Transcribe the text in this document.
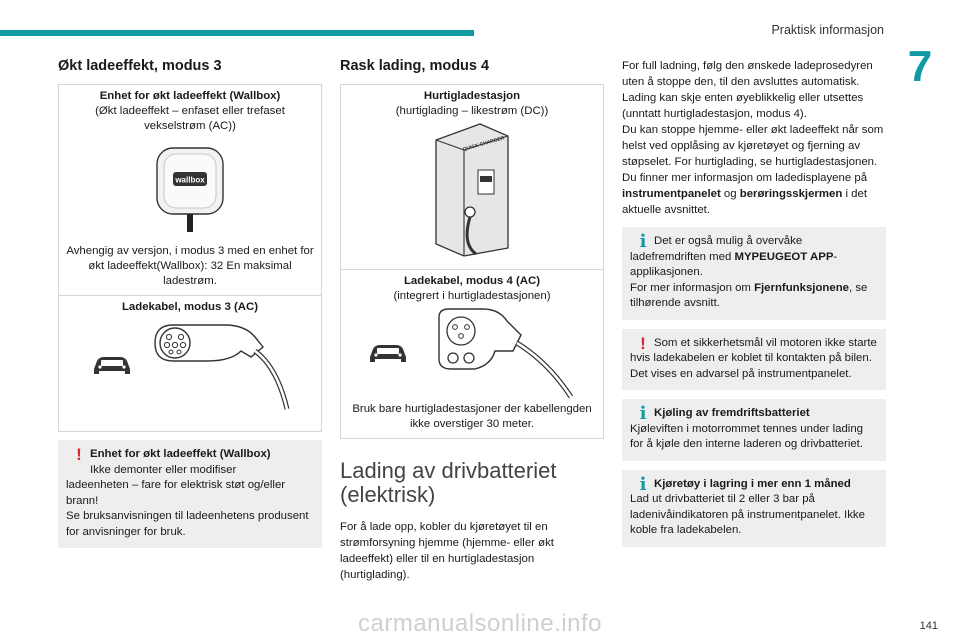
Praktisk informasjon
7
Økt ladeeffekt, modus 3
Enhet for økt ladeeffekt (Wallbox)
(Økt ladeeffekt – enfaset eller trefaset vekselstrøm (AC))
wallbox
Avhengig av versjon, i modus 3 med en enhet for økt ladeeffekt(Wallbox): 32 En maksimal ladestrøm.
Ladekabel, modus 3 (AC)
! Enhet for økt ladeeffekt (Wallbox)
Ikke demonter eller modifiser
ladeenheten – fare for elektrisk støt og/eller brann!
Se bruksanvisningen til ladeenhetens produsent for anvisninger for bruk.
Rask lading, modus 4
Hurtigladestasjon
(hurtiglading – likestrøm (DC))
QUICK CHARGER
Ladekabel, modus 4 (AC)
(integrert i hurtigladestasjonen)
Bruk bare hurtigladestasjoner der kabellengden ikke overstiger 30 meter.
Lading av drivbatteriet (elektrisk)

For å lade opp, kobler du kjøretøyet til en strømforsyning hjemme (hjemme- eller økt ladeeffekt) eller til en hurtigladestasjon (hurtiglading).

For full ladning, følg den ønskede ladeprosedyren uten å stoppe den, til den avsluttes automatisk. Lading kan skje enten øyeblikkelig eller utsettes (unntatt hurtigladestasjon, modus 4).

Du kan stoppe hjemme- eller økt ladeeffekt når som helst ved opplåsing av kjøretøyet og fjerning av støpselet. For hurtiglading, se hurtigladestasjonen.

Du finner mer informasjon om ladedisplayene på instrumentpanelet og berøringsskjermen i det aktuelle avsnittet.

i Det er også mulig å overvåke ladefremdriften med MYPEUGEOT APP-applikasjonen.
For mer informasjon om Fjernfunksjonene, se tilhørende avsnitt.
! Som et sikkerhetsmål vil motoren ikke starte hvis ladekabelen er koblet til kontakten på bilen. Det vises en advarsel på instrumentpanelet.
i Kjøling av fremdriftsbatteriet
Kjøleviften i motorrommet tennes under lading for å kjøle den interne laderen og drivbatteriet.
i Kjøretøy i lagring i mer enn 1 måned
Lad ut drivbatteriet til 2 eller 3 bar på ladenivåindikatoren på instrumentpanelet. Ikke koble fra ladekabelen.
carmanualsonline.info	141
